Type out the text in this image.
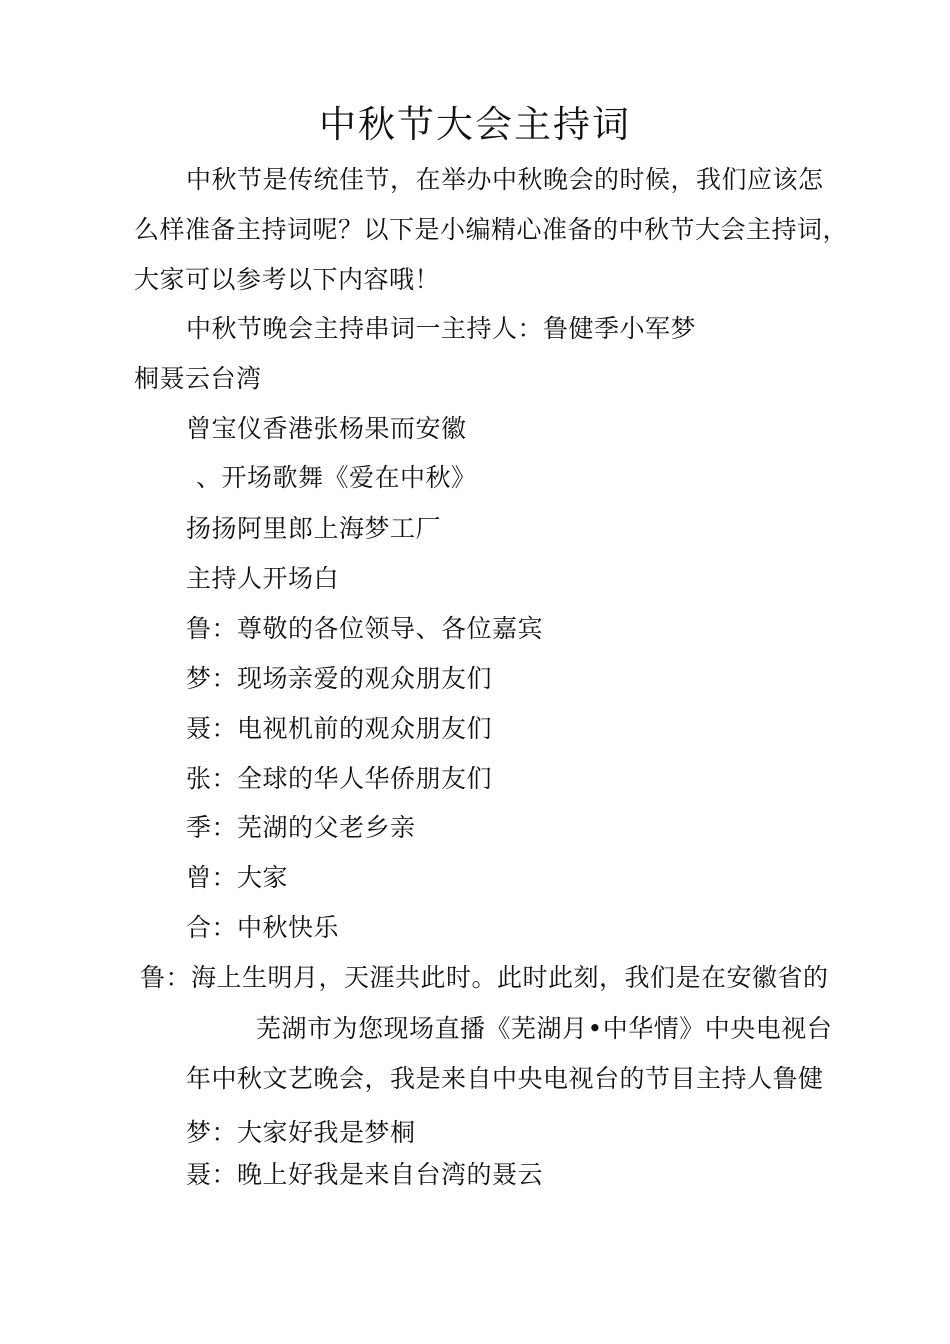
中秋节大会主持词
中秋节是传统佳节，在举办中秋晚会的时候，我们应该怎
么样准备主持词呢？以下是小编精心准备的中秋节大会主持词，
大家可以参考以下内容哦！
中秋节晚会主持串词一主持人：鲁健季小军梦
桐聂云台湾
曾宝仪香港张杨果而安徽
、开场歌舞《爱在中秋》
扬扬阿里郎上海梦工厂
主持人开场白
鲁：尊敬的各位领导、各位嘉宾
梦：现场亲爱的观众朋友们
聂：电视机前的观众朋友们
张：全球的华人华侨朋友们
季：芜湖的父老乡亲
曾：大家
合：中秋快乐
鲁：海上生明月，天涯共此时。此时此刻，我们是在安徽省的
芜湖市为您现场直播《芜湖月•中华情》中央电视台
年中秋文艺晚会，我是来自中央电视台的节目主持人鲁健
梦：大家好我是梦桐
聂：晚上好我是来自台湾的聂云
